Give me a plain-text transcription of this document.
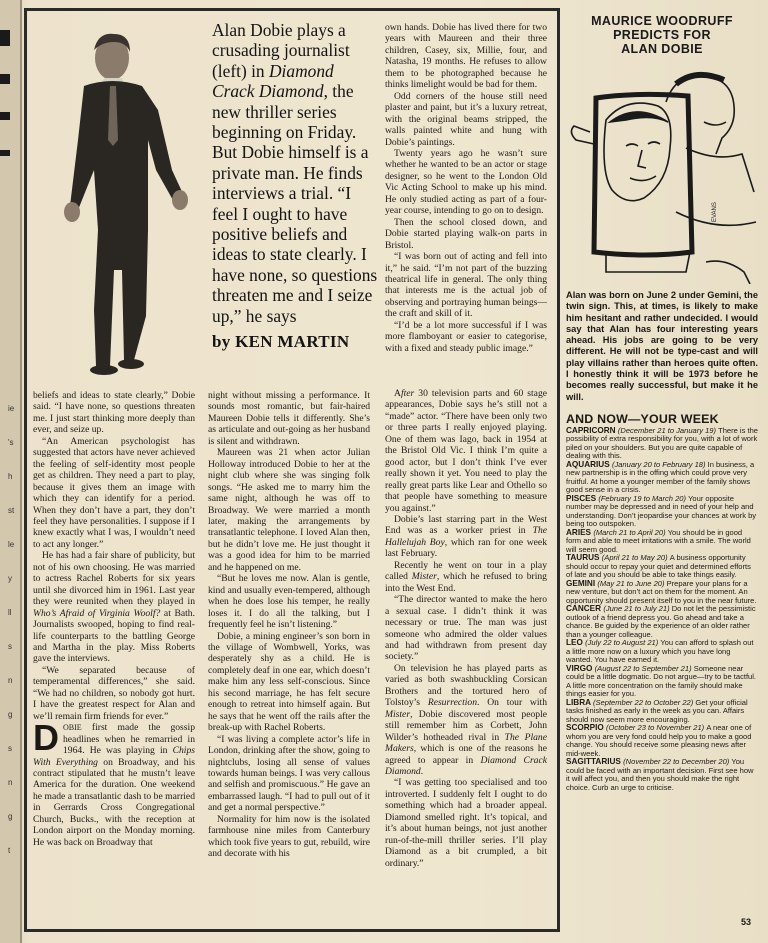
ie
's
h
st
le
y
ll
s
n
g
s
n
g
t
Alan Dobie plays a crusading journalist (left) in Diamond Crack Diamond, the new thriller series beginning on Friday. But Dobie himself is a private man. He finds interviews a trial. “I feel I ought to have positive beliefs and ideas to state clearly. I have none, so questions threaten me and I seize up,” he says
by KEN MARTIN

own hands. Dobie has lived there for two years with Maureen and their three children, Casey, six, Millie, four, and Natasha, 19 months. He refuses to allow them to be photographed because he thinks limelight would be bad for them.

Odd corners of the house still need plaster and paint, but it’s a luxury retreat, with the original beams stripped, the walls painted white and hung with Dobie’s paintings.

Twenty years ago he wasn’t sure whether he wanted to be an actor or stage designer, so he went to the London Old Vic Acting School to make up his mind. He only studied acting as part of a four-year course, intending to go on to design.

Then the school closed down, and Dobie started playing walk-on parts in Bristol.

“I was born out of acting and fell into it,” he said. “I’m not part of the buzzing theatrical life in general. The only thing that interests me is the actual job of observing and portraying human beings—the craft and skill of it.

“I’d be a lot more successful if I was more flamboyant or easier to categorise, with a fixed and steady public image.”

beliefs and ideas to state clearly,” Dobie said. “I have none, so questions threaten me. I just start thinking more deeply than ever, and seize up.

“An American psychologist has suggested that actors have never achieved the feeling of self-identity most people get as children. They need a part to play, because it gives them an image with which they can identify for a period. When they don’t have a part, they don’t feel they have personalities. I suppose if I knew exactly what I was, I wouldn’t need to act any longer.”

He has had a fair share of publicity, but not of his own choosing. He was married to actress Rachel Roberts for six years until she divorced him in 1961. Last year they were reunited when they played in Who’s Afraid of Virginia Woolf? at Bath. Journalists swooped, hoping to find real-life counterparts to the battling George and Martha in the play. Miss Roberts gave the interviews.

“We separated because of temperamental differences,” she said. “We had no children, so nobody got hurt. I have the greatest respect for Alan and we’ll remain firm friends for ever.”

DOBIE first made the gossip headlines when he remarried in 1964. He was playing in Chips With Everything on Broadway, and his contract stipulated that he mustn’t leave America for the duration. One weekend he made a transatlantic dash to be married in Gerrards Cross Congregational Church, Bucks., with the reception at London airport on the Monday morning. He was back on Broadway that

night without missing a performance. It sounds most romantic, but fair-haired Maureen Dobie tells it differently. She’s as articulate and out-going as her husband is silent and withdrawn.

Maureen was 21 when actor Julian Holloway introduced Dobie to her at the night club where she was singing folk songs. “He asked me to marry him the same night, although he was off to Broadway. We were married a month later, making the arrangements by transatlantic telephone. I loved Alan then, but he didn’t love me. He just thought it was a good idea for him to be married and he happened on me.

“But he loves me now. Alan is gentle, kind and usually even-tempered, although when he does lose his temper, he really loses it. I do all the talking, but I frequently feel he isn’t listening.”

Dobie, a mining engineer’s son born in the village of Wombwell, Yorks, was desperately shy as a child. He is completely deaf in one ear, which doesn’t make him any less self-conscious. Since his second marriage, he has felt secure enough to retreat into himself again. But he says that he went off the rails after the break-up with Rachel Roberts.

“I was living a complete actor’s life in London, drinking after the show, going to nightclubs, losing all sense of values towards human beings. I was very callous and selfish and promiscuous.” He gave an embarrassed laugh. “I had to pull out of it and get a normal perspective.”

Normality for him now is the isolated farmhouse nine miles from Canterbury which took five years to gut, rebuild, wire and decorate with his

After 30 television parts and 60 stage appearances, Dobie says he’s still not a “made” actor. “There have been only two or three parts I really enjoyed playing. One of them was Iago, back in 1954 at the Bristol Old Vic. I think I’m quite a good actor, but I don’t think I’ve ever really shown it yet. You need to play the really great parts like Lear and Othello so that people have something to measure you against.”

Dobie’s last starring part in the West End was as a worker priest in The Hallelujah Boy, which ran for one week last February.

Recently he went on tour in a play called Mister, which he refused to bring into the West End.

“The director wanted to make the hero a sexual case. I didn’t think it was necessary or true. The man was just someone who admired the older values and had withdrawn from present day society.”

On television he has played parts as varied as both swashbuckling Corsican Brothers and the tortured hero of Tolstoy’s Resurrection. On tour with Mister, Dobie discovered most people still remember him as Corbett, John Wilder’s hotheaded rival in The Plane Makers, which is one of the reasons he agreed to appear in Diamond Crack Diamond.

“I was getting too specialised and too introverted. I suddenly felt I ought to do something which had a broader appeal. Diamond smelled right. It’s topical, and it’s about human beings, not just another run-of-the-mill thriller series. I’ll play Diamond as a bit crumpled, a bit ordinary.”

MAURICE WOODRUFF
PREDICTS FOR
ALAN DOBIE
EVANS
Alan was born on June 2 under Gemini, the twin sign. This, at times, is likely to make him hesitant and rather undecided. I would say that Alan has four interesting years ahead. His jobs are going to be very different. He will not be type-cast and will play villains rather than heroes quite often. I honestly think it will be 1973 before he becomes really successful, but make it he will.
AND NOW—YOUR WEEK
CAPRICORN (December 21 to January 19) There is the possibility of extra responsibility for you, with a lot of work piled on your shoulders. But you are quite capable of dealing with this.
AQUARIUS (January 20 to February 18) In business, a new partnership is in the offing which could prove very fruitful. At home a younger member of the family shows good sense in a crisis.
PISCES (February 19 to March 20) Your opposite number may be depressed and in need of your help and understanding. Don’t jeopardise your chances at work by being too outspoken.
ARIES (March 21 to April 20) You should be in good form and able to meet irritations with a smile. The world will seem good.
TAURUS (April 21 to May 20) A business opportunity should occur to repay your quiet and determined efforts of late and you should be able to take things easily.
GEMINI (May 21 to June 20) Prepare your plans for a new venture, but don’t act on them for the moment. An opportunity should present itself to you in the near future.
CANCER (June 21 to July 21) Do not let the pessimistic outlook of a friend depress you. Go ahead and take a chance. Be guided by the experience of an older rather than a younger colleague.
LEO (July 22 to August 21) You can afford to splash out a little more now on a luxury which you have long wanted. You have earned it.
VIRGO (August 22 to September 21) Someone near could be a little dogmatic. Do not argue—try to be tactful. A little more concentration on the family should make things easier for you.
LIBRA (September 22 to October 22) Get your official tasks finished as early in the week as you can. Affairs should now seem more encouraging.
SCORPIO (October 23 to November 21) A near one of whom you are very fond could help you to make a good change. You should receive some pleasing news after mid-week.
SAGITTARIUS (November 22 to December 20) You could be faced with an important decision. First see how it will affect you, and then you should make the right choice. Curb an urge to criticise.
53
